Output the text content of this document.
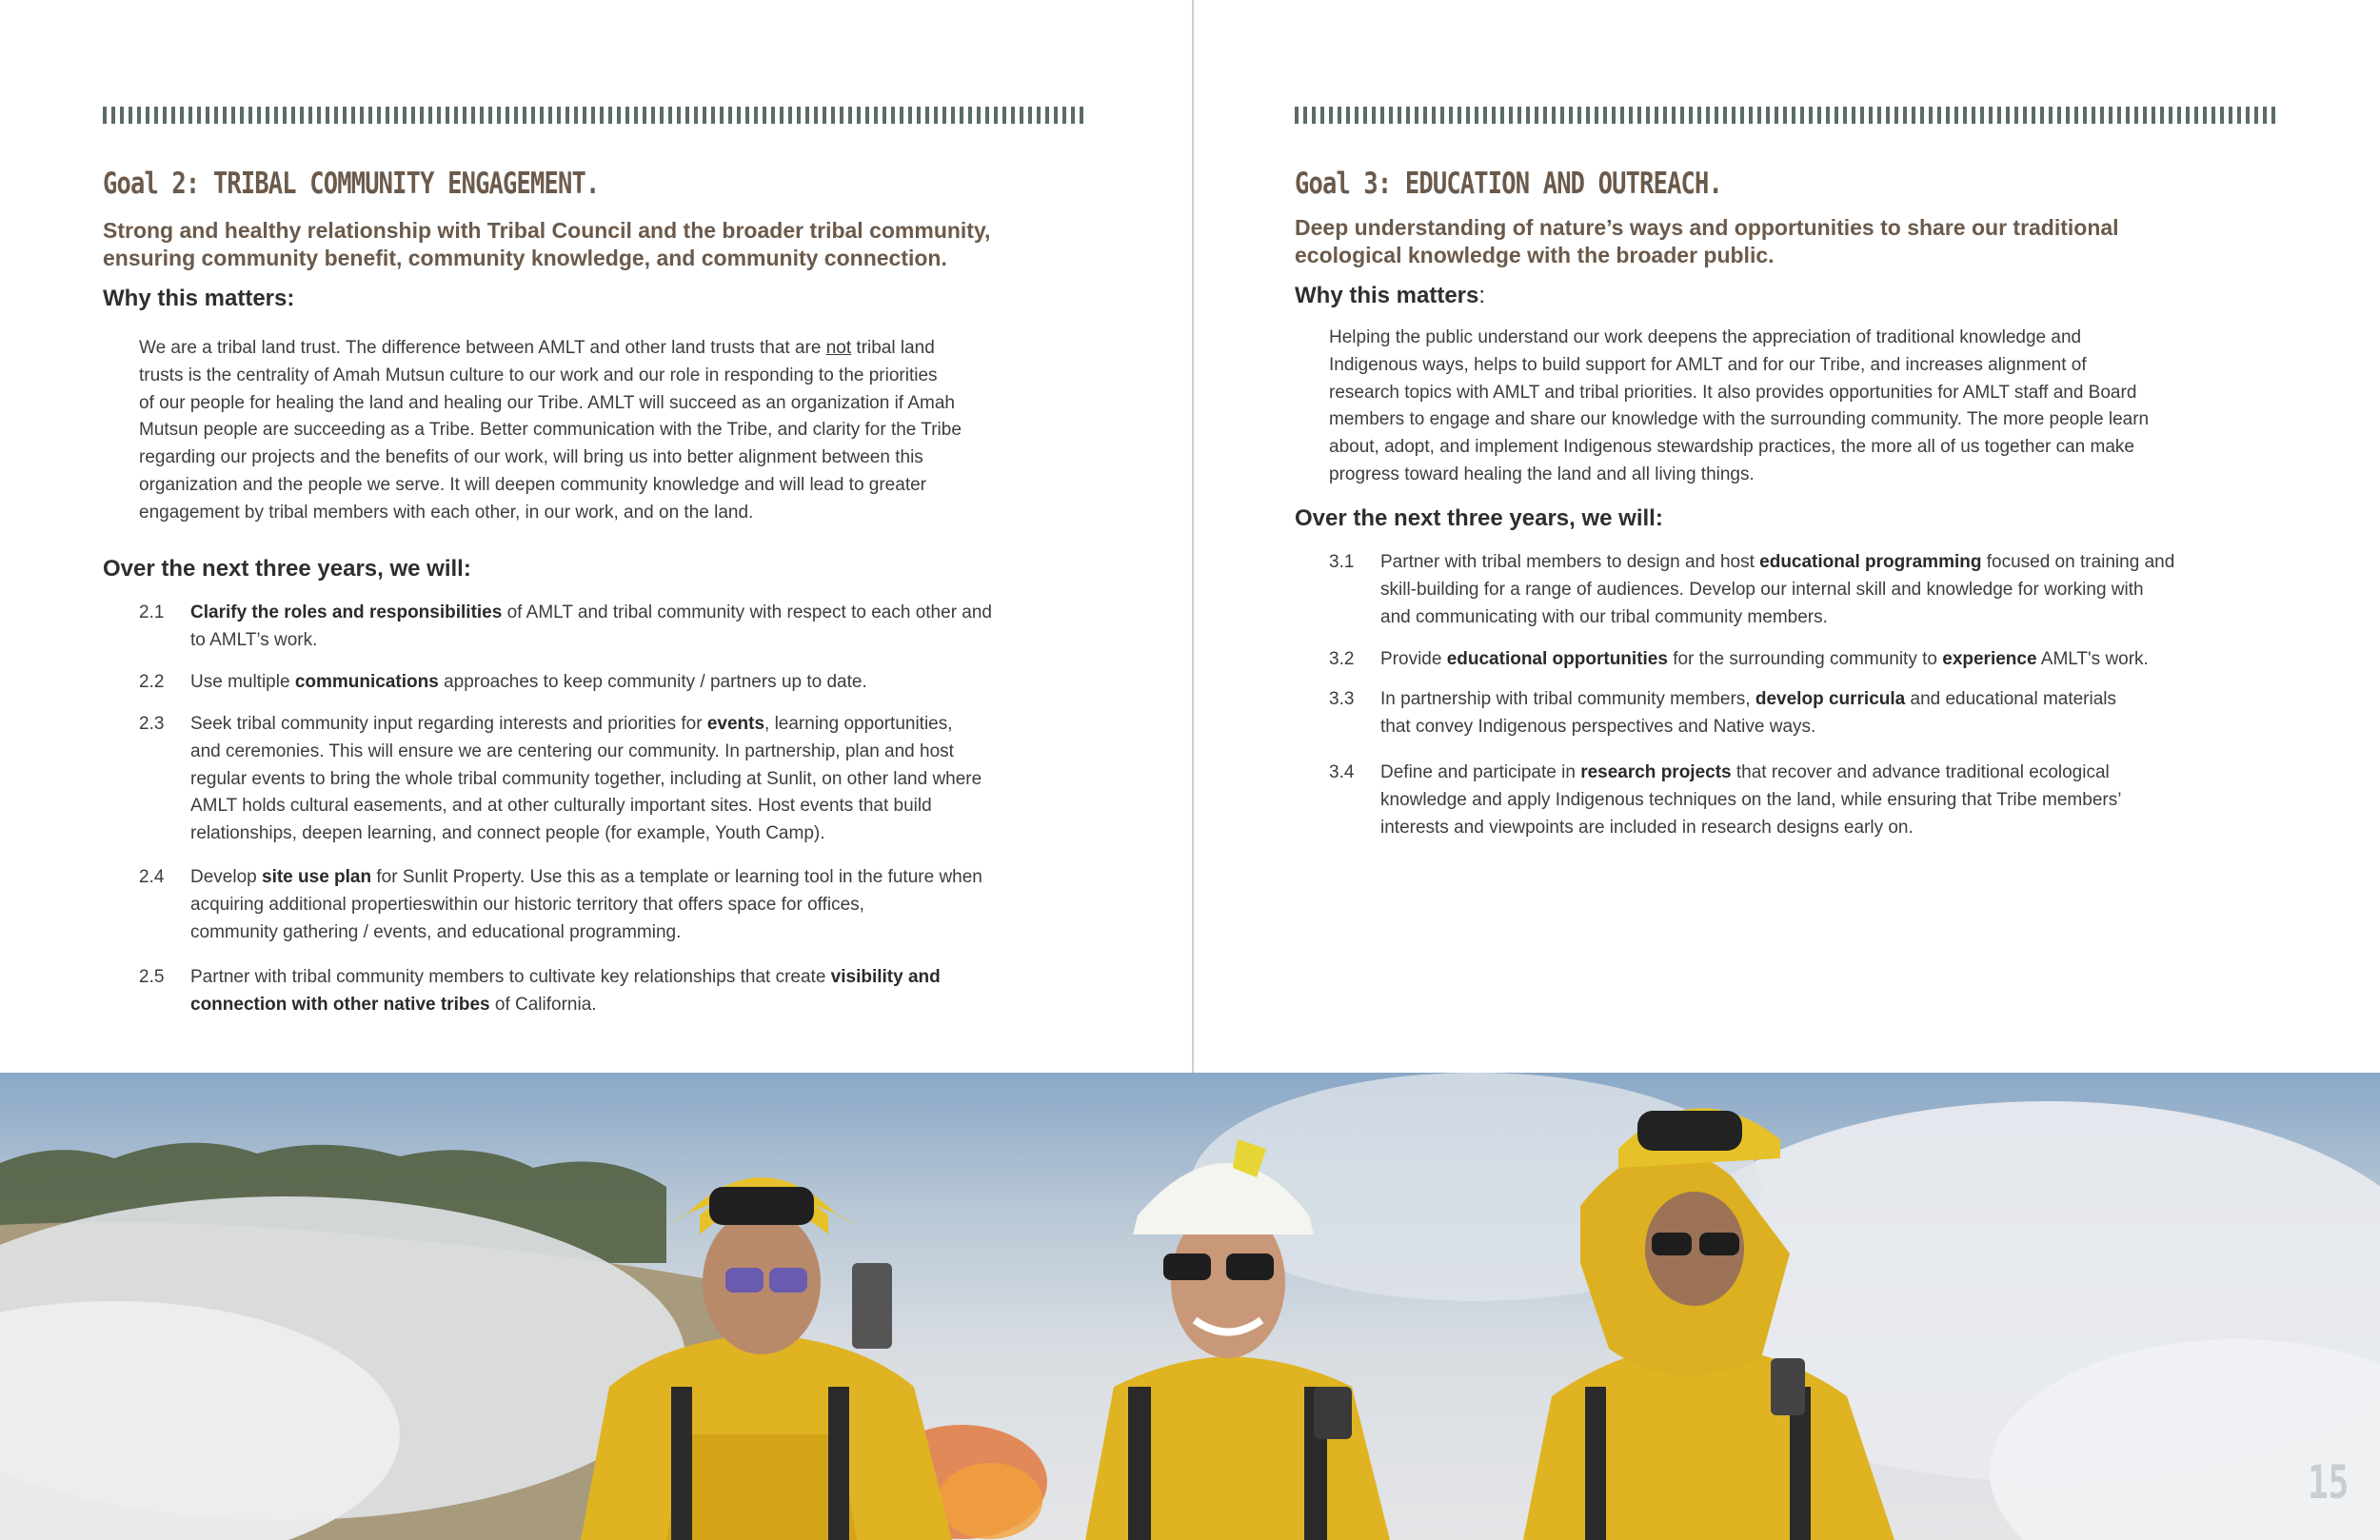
Goal 2: TRIBAL COMMUNITY ENGAGEMENT.

Strong and healthy relationship with Tribal Council and the broader tribal community, ensuring community benefit, community knowledge, and community connection.

Why this matters:
We are a tribal land trust. The difference between AMLT and other land trusts that are not tribal land
trusts is the centrality of Amah Mutsun culture to our work and our role in responding to the priorities
of our people for healing the land and healing our Tribe. AMLT will succeed as an organization if Amah
Mutsun people are succeeding as a Tribe. Better communication with the Tribe, and clarity for the Tribe
regarding our projects and the benefits of our work, will bring us into better alignment between this
organization and the people we serve. It will deepen community knowledge and will lead to greater
engagement by tribal members with each other, in our work, and on the land.
Over the next three years, we will:
2.1	Clarify the roles and responsibilities of AMLT and tribal community with respect to each other and
to AMLT’s work.
2.2	Use multiple communications approaches to keep community / partners up to date.
2.3	Seek tribal community input regarding interests and priorities for events, learning opportunities,
and ceremonies. This will ensure we are centering our community. In partnership, plan and host
regular events to bring the whole tribal community together, including at Sunlit, on other land where
AMLT holds cultural easements, and at other culturally important sites. Host events that build
relationships, deepen learning, and connect people (for example, Youth Camp).
2.4	Develop site use plan for Sunlit Property. Use this as a template or learning tool in the future when
acquiring additional propertieswithin our historic territory that offers space for offices,
community gathering / events, and educational programming.
2.5	Partner with tribal community members to cultivate key relationships that create visibility and
connection with other native tribes of California.
Goal 3: EDUCATION AND OUTREACH.
Deep understanding of nature’s ways and opportunities to share our traditional
ecological knowledge with the broader public.
Why this matters:
Helping the public understand our work deepens the appreciation of traditional knowledge and
Indigenous ways, helps to build support for AMLT and for our Tribe, and increases alignment of
research topics with AMLT and tribal priorities. It also provides opportunities for AMLT staff and Board
members to engage and share our knowledge with the surrounding community. The more people learn
about, adopt, and implement Indigenous stewardship practices, the more all of us together can make
progress toward healing the land and all living things.
Over the next three years, we will:
3.1	Partner with tribal members to design and host educational programming focused on training and
skill-building for a range of audiences. Develop our internal skill and knowledge for working with
and communicating with our tribal community members.
3.2	Provide educational opportunities for the surrounding community to experience AMLT's work.
3.3	In partnership with tribal community members, develop curricula and educational materials
that convey Indigenous perspectives and Native ways.
3.4	Define and participate in research projects that recover and advance traditional ecological
knowledge and apply Indigenous techniques on the land, while ensuring that Tribe members’
interests and viewpoints are included in research designs early on.
15
